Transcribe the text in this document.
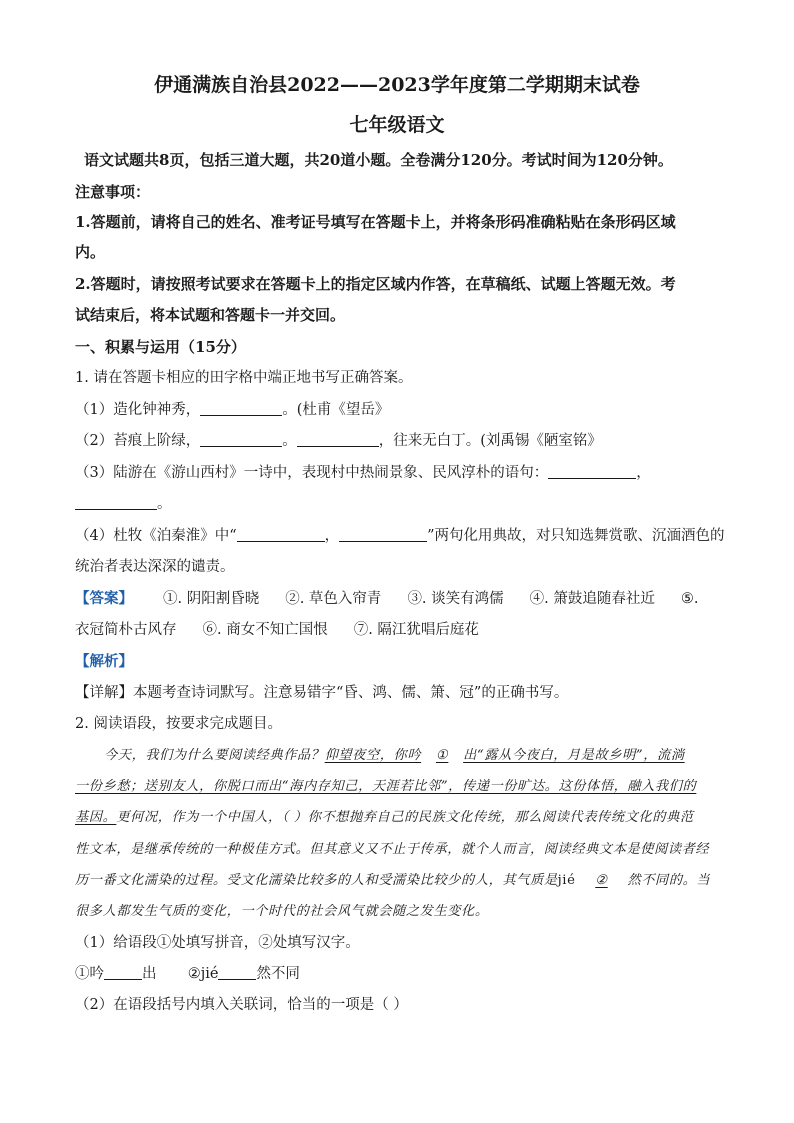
伊通满族自治县2022——2023学年度第二学期期末试卷
七年级语文
语文试题共8页，包括三道大题，共20道小题。全卷满分120分。考试时间为120分钟。
注意事项：
1.答题前，请将自己的姓名、准考证号填写在答题卡上，并将条形码准确粘贴在条形码区域
内。
2.答题时，请按照考试要求在答题卡上的指定区域内作答，在草稿纸、试题上答题无效。考
试结束后，将本试题和答题卡一并交回。
一、积累与运用（15分）
1. 请在答题卡相应的田字格中端正地书写正确答案。
（1）造化钟神秀，	。(杜甫《望岳》
（2）苔痕上阶绿，	。	，往来无白丁。(刘禹锡《陋室铭》
（3）陆游在《游山西村》一诗中，表现村中热闹景象、民风淳朴的语句：	，
。
（4）杜牧《泊秦淮》中“	，	”两句化用典故，对只知选舞赏歌、沉湎酒色的
统治者表达深深的谴责。
【答案】 ①. 阴阳割昏晓 ②. 草色入帘青 ③. 谈笑有鸿儒 ④. 箫鼓追随春社近 ⑤.
衣冠简朴古风存 ⑥. 商女不知亡国恨 ⑦. 隔江犹唱后庭花
【解析】
【详解】本题考查诗词默写。注意易错字“昏、鸿、儒、箫、冠”的正确书写。
2. 阅读语段，按要求完成题目。
今天，我们为什么要阅读经典作品？仰望夜空，你吟 ① 出“露从今夜白，月是故乡明”，流淌
一份乡愁；送别友人，你脱口而出“海内存知己，天涯若比邻”，传递一份旷达。这份体悟，融入我们的
基因。更何况，作为一个中国人，（ ）你不想抛弃自己的民族文化传统，那么阅读代表传统文化的典范
性文本，是继承传统的一种极佳方式。但其意义又不止于传承，就个人而言，阅读经典文本是使阅读者经
历一番文化濡染的过程。受文化濡染比较多的人和受濡染比较少的人，其气质是jié ② 然不同的。当
很多人都发生气质的变化，一个时代的社会风气就会随之发生变化。
（1）给语段①处填写拼音，②处填写汉字。
①吟	出 ②jié	然不同
（2）在语段括号内填入关联词，恰当的一项是（ ）
